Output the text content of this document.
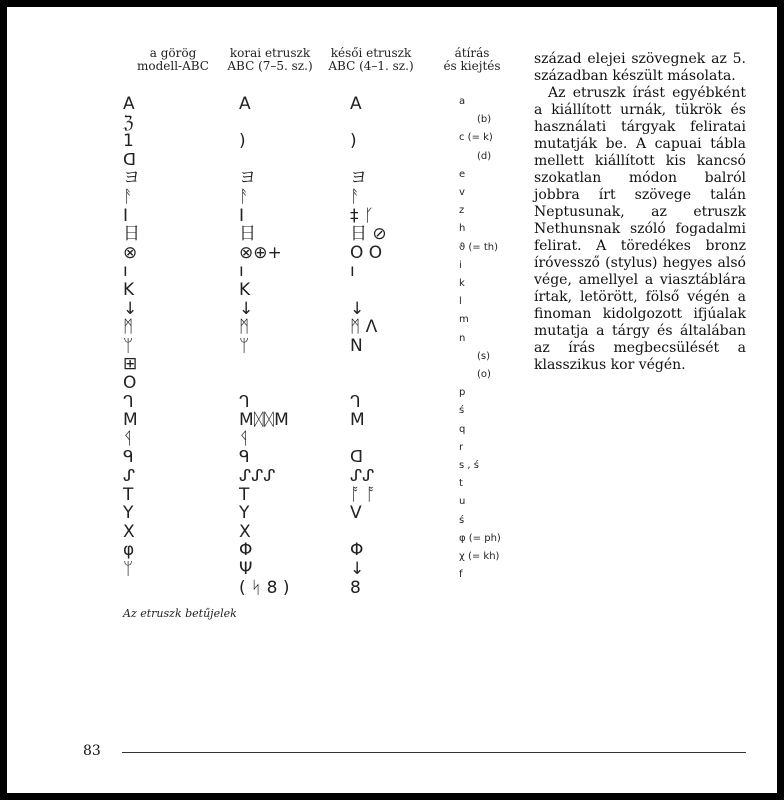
a görög
modell-ABC
korai etruszk
ABC (7–5. sz.)
késői etruszk
ABC (4–1. sz.)
átírás
és kiejtés
A
ℨ
1
ᗡ
ヨ
ᚨ
I
日
⊗
ı
K
↓
ᛗ
ᛘ
⊞
O
ᒉ
Μ
ᛩ
ᑫ
ᔑ
T
Y
X
φ
ᛘ
A
)
ヨ
ᚨ
I
日
⊗⊕+
ı
K
↓
ᛗ
ᛘ
ᒉ
MᛞᛞM
ᛩ
ᑫ
ᔑᔑᔑ
T
Y
X
Φ
Ψ
( ᛋ 8 )
A
)
ヨ
ᚨ
‡ ᚴ
日 ⊘
O O
ı
↓
ᛗ Λ
N
ᒉ
M
ᗡ
ᔑᔑ
ᚩ ᚩ
V
Φ
↓
8
a
(b)
c (= k)
(d)
e
v
z
h
ϑ (= th)
i
k
l
m
n
(s)
(o)
p
ś
q
r
s , ś
t
u
ś
φ (= ph)
χ (= kh)
f

század elejei szövegnek az 5. században készült másolata.

Az etruszk írást egyébként a kiállított urnák, tükrök és használati tárgyak feliratai mutatják be. A capuai tábla mellett kiállított kis kancsó szokatlan módon balról jobbra írt szövege talán Neptusunak, az etruszk Nethunsnak szóló fogadalmi felirat. A töredékes bronz íróvessző (stylus) hegyes alsó vége, amellyel a viasztáblára írtak, letörött, fölső végén a finoman kidolgozott ifjúalak mutatja a tárgy és általában az írás megbecsülését a klasszikus kor végén.

Az etruszk betűjelek
83
